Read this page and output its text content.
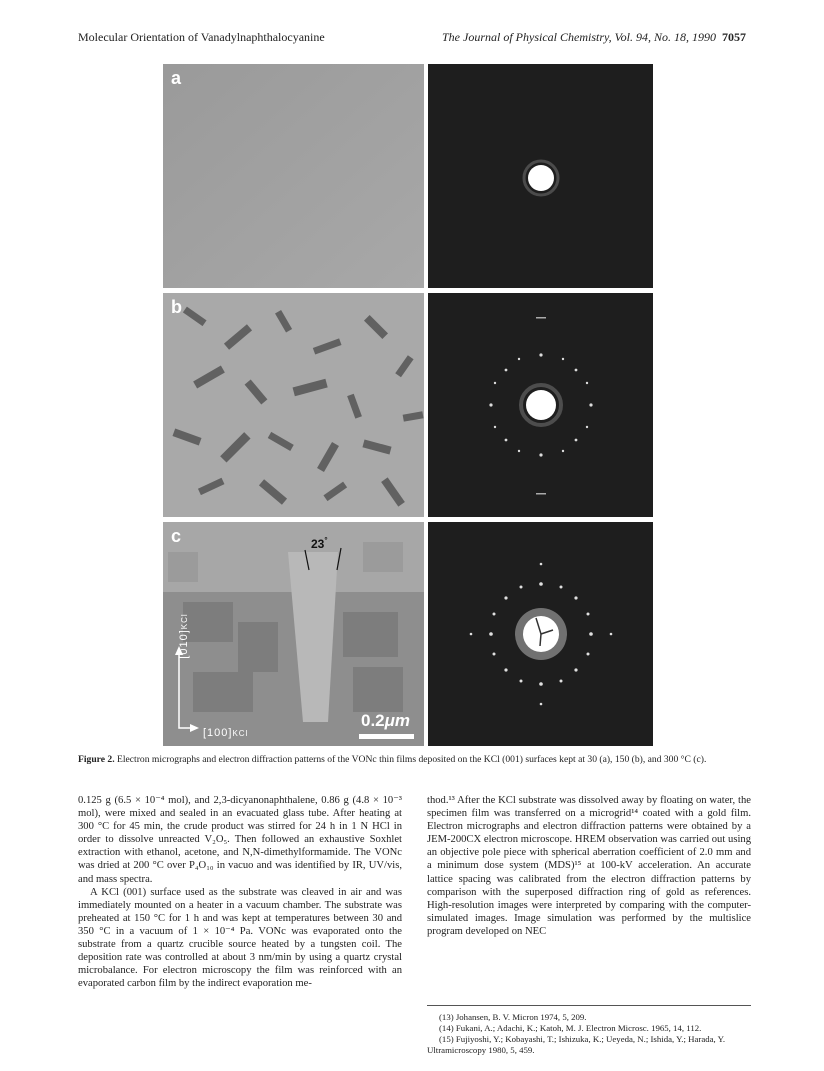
Molecular Orientation of Vanadylnaphthalocyanine	The Journal of Physical Chemistry, Vol. 94, No. 18, 1990 7057
a
b
c	23°
0.2μm
[100]KCl
[010]KCl
Figure 2. Electron micrographs and electron diffraction patterns of the VONc thin films deposited on the KCl (001) surfaces kept at 30 (a), 150 (b), and 300 °C (c).

0.125 g (6.5 × 10⁻⁴ mol), and 2,3-dicyanonaphthalene, 0.86 g (4.8 × 10⁻³ mol), were mixed and sealed in an evacuated glass tube. After heating at 300 °C for 45 min, the crude product was stirred for 24 h in 1 N HCl in order to dissolve unreacted V₂O₅. Then followed an exhaustive Soxhlet extraction with ethanol, acetone, and N,N-dimethylformamide. The VONc was dried at 200 °C over P₄O₁₀ in vacuo and was identified by IR, UV/vis, and mass spectra.

A KCl (001) surface used as the substrate was cleaved in air and was immediately mounted on a heater in a vacuum chamber. The substrate was preheated at 150 °C for 1 h and was kept at temperatures between 30 and 350 °C in a vacuum of 1 × 10⁻⁴ Pa. VONc was evaporated onto the substrate from a quartz crucible source heated by a tungsten coil. The deposition rate was controlled at about 3 nm/min by using a quartz crystal microbalance. For electron microscopy the film was reinforced with an evaporated carbon film by the indirect evaporation me-

thod.¹³ After the KCl substrate was dissolved away by floating on water, the specimen film was transferred on a microgrid¹⁴ coated with a gold film. Electron micrographs and electron diffraction patterns were obtained by a JEM-200CX electron microscope. HREM observation was carried out using an objective pole piece with spherical aberration coefficient of 2.0 mm and a minimum dose system (MDS)¹⁵ at 100-kV acceleration. An accurate lattice spacing was calibrated from the electron diffraction patterns by comparison with the superposed diffraction ring of gold as references. High-resolution images were interpreted by comparing with the computer-simulated images. Image simulation was performed by the multislice program developed on NEC

(13) Johansen, B. V. Micron 1974, 5, 209.

(14) Fukani, A.; Adachi, K.; Katoh, M. J. Electron Microsc. 1965, 14, 112.

(15) Fujiyoshi, Y.; Kobayashi, T.; Ishizuka, K.; Ueyeda, N.; Ishida, Y.; Harada, Y. Ultramicroscopy 1980, 5, 459.
